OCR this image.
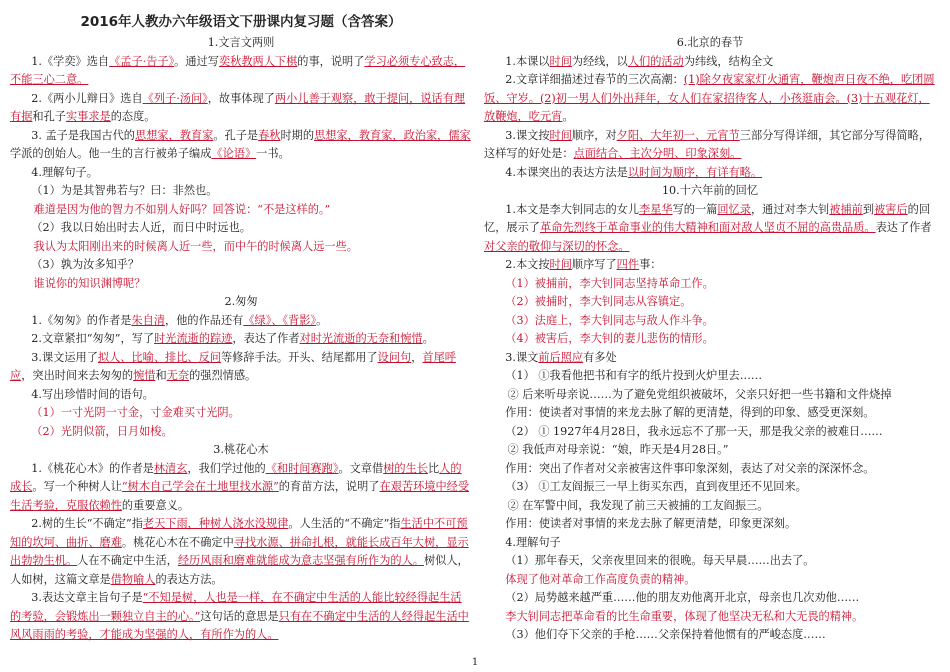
2016年人教办六年级语文下册课内复习题（含答案）
1.文言文两则
1.《学奕》选自《孟子·告子》。通过写奕秋教两人下棋的事，说明了学习必须专心致志，不能三心二意。
2.《两小儿辩日》选自《列子·汤问》，故事体现了两小儿善于观察，敢于提问，说话有理有据和孔子实事求是的态度。
3. 孟子是我国古代的思想家，教育家。孔子是春秋时期的思想家，教育家，政治家，儒家学派的创始人。他一生的言行被弟子编成《论语》一书。
4.理解句子。
（1）为是其智弗若与？曰：非然也。
难道是因为他的智力不如别人好吗？回答说：“不是这样的。”
（2）我以日始出时去人近，而日中时远也。
我认为太阳刚出来的时候离人近一些，而中午的时候离人远一些。
（3）孰为汝多知乎？
谁说你的知识渊博呢？
2.匆匆
1.《匆匆》的作者是朱自清，他的作品还有《绿》、《背影》。
2.文章紧扣“匆匆”，写了时光流逝的踪迹，表达了作者对时光流逝的无奈和惋惜。
3.课文运用了拟人、比喻、排比、反问等修辞手法。开头、结尾都用了设问句，首尾呼应，突出时间来去匆匆的惋惜和无奈的强烈情感。
4.写出珍惜时间的语句。
（1）一寸光阴一寸金，寸金难买寸光阴。
（2）光阴似箭，日月如梭。
3.桃花心木
1.《桃花心木》的作者是林清玄，我们学过他的《和时间赛跑》。文章借树的生长比人的成长。写一个种树人让“树木自己学会在土地里找水源”的育苗方法，说明了在艰苦环境中经受生活考验，克服依赖性的重要意义。
2.树的生长“不确定”指老天下雨，种树人浇水没规律。人生活的“不确定”指生活中不可预知的坎坷、曲折、磨难。桃花心木在不确定中寻找水源、拼命扎根，就能长成百年大树，显示出勃勃生机。人在不确定中生活，经历风雨和磨难就能成为意志坚强有所作为的人。树似人，人如树，这篇文章是借物喻人的表达方法。
3.表达文章主旨句子是“不知是树，人也是一样，在不确定中生活的人能比较经得起生活的考验，会锻炼出一颗独立自主的心。”这句话的意思是只有在不确定中生活的人经得起生活中风风雨雨的考验，才能成为坚强的人，有所作为的人。
6.北京的春节
1.本课以时间为经线，以人们的活动为纬线，结构全文
2.文章详细描述过春节的三次高潮：(1)除夕夜家家灯火通宵，鞭炮声日夜不绝，吃团圆饭、守岁。(2)初一男人们外出拜年，女人们在家招待客人，小孩逛庙会。(3)十五观花灯，放鞭炮，吃元宵。
3.课文按时间顺序，对夕阳、大年初一、元宵节三部分写得详细，其它部分写得简略，这样写的好处是：点面结合、主次分明、印象深刻。
4.本课突出的表达方法是以时间为顺序，有详有略。
10.十六年前的回忆
1.本文是李大钊同志的女儿李星华写的一篇回忆录，通过对李大钊被捕前到被害后的回忆，展示了革命先烈终于革命事业的伟大精神和面对敌人坚贞不屈的高贵品质。表达了作者对父亲的敬仰与深切的怀念。
2.本文按时间顺序写了四件事：
（1）被捕前，李大钊同志坚持革命工作。
（2）被捕时，李大钊同志从容镇定。
（3）法庭上，李大钊同志与敌人作斗争。
（4）被害后，李大钊的妻儿悲伤的情形。
3.课文前后照应有多处
（1） ①我看他把书和有字的纸片投到火炉里去……
② 后来听母亲说……为了避免党组织被破坏，父亲只好把一些书籍和文件烧掉
作用：使读者对事情的来龙去脉了解的更清楚，得到的印象、感受更深刻。
（2） ① 1927年4月28日，我永远忘不了那一天，那是我父亲的被难日……
② 我低声对母亲说：“娘，昨天是4月28日。”
作用：突出了作者对父亲被害这件事印象深刻，表达了对父亲的深深怀念。
（3） ①工友阎振三一早上街买东西，直到夜里还不见回来。
② 在军警中间，我发现了前三天被捕的工友阎振三。
作用：使读者对事情的来龙去脉了解更清楚，印象更深刻。
4.理解句子
（1）那年春天，父亲夜里回来的很晚。每天早晨……出去了。
体现了他对革命工作高度负责的精神。
（2）局势越来越严重……他的朋友劝他离开北京，母亲也几次劝他……
李大钊同志把革命看的比生命重要，体现了他坚决无私和大无畏的精神。
（3）他们夺下父亲的手枪……父亲保持着他惯有的严峻态度……
1
